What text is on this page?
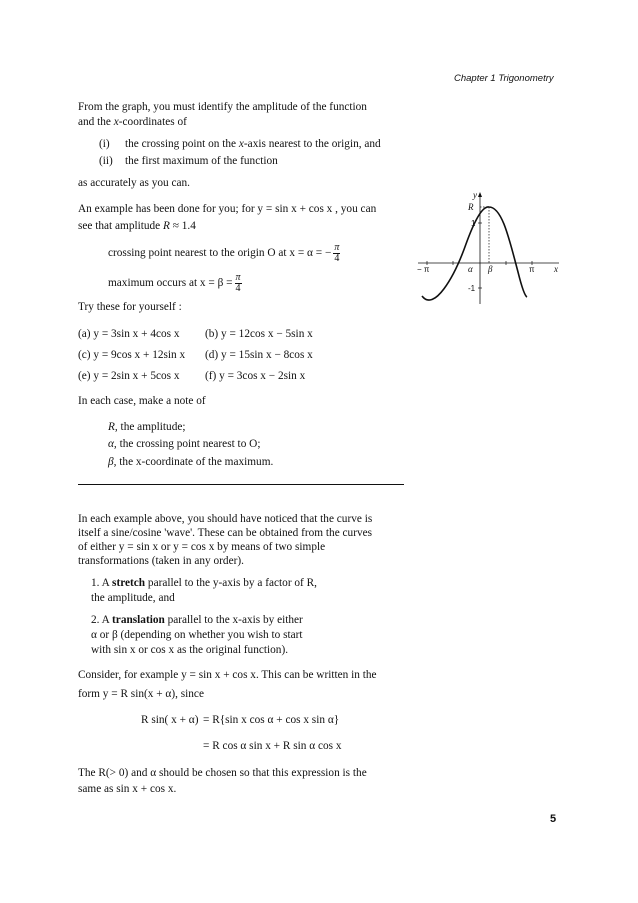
Chapter 1 Trigonometry
From the graph, you must identify the amplitude of the function
and the x-coordinates of
(i) the crossing point on the x-axis nearest to the origin, and
(ii) the first maximum of the function
as accurately as you can.
An example has been done for you; for y = sin x + cos x , you can
see that amplitude R ≈ 1.4
crossing point nearest to the origin O at x = α = − $\frac{\pi}{4}$
maximum occurs at $x = \beta = \frac{\pi}{4}$
Try these for yourself :
(a) y = 3sin x + 4cos x (b) y = 12cos x − 5sin x
(c) y = 9cos x + 12sin x (d) y = 15sin x − 8cos x
(e) y = 2sin x + 5cos x (f) y = 3cos x − 2sin x
In each case, make a note of
R, the amplitude;
α, the crossing point nearest to O;
β, the x-coordinate of the maximum.
In each example above, you should have noticed that the curve is
itself a sine/cosine 'wave'. These can be obtained from the curves
of either y = sin x or y = cos x by means of two simple
transformations (taken in any order).
1. A stretch parallel to the y-axis by a factor of R,
the amplitude, and
2. A translation parallel to the x-axis by either
α or β (depending on whether you wish to start
with sin x or cos x as the original function).
Consider, for example y = sin x + cos x. This can be written in the
form y = R sin(x + α), since
R sin( x + α) = R{sin x cos α + cos x sin α}
= R cos α sin x + R sin α cos x
The R(> 0) and α should be chosen so that this expression is the
same as sin x + cos x.
y
R
1
-1
− π	α β	π x
5
